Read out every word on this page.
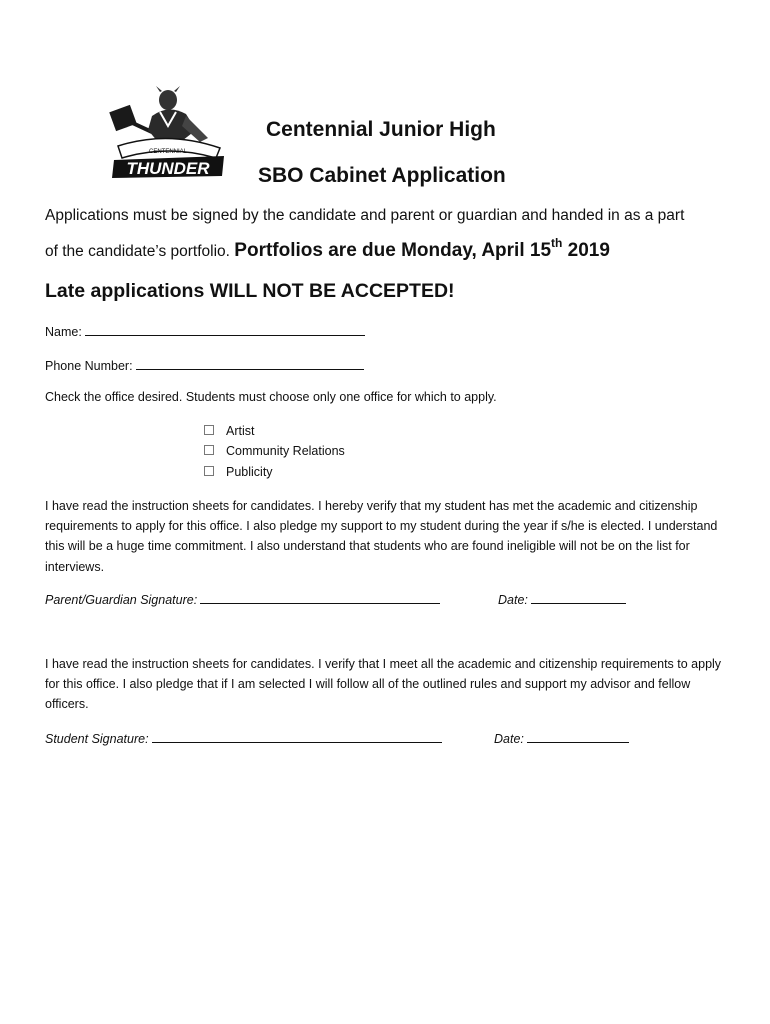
CENTENNIAL
THUNDER
Centennial Junior High
SBO Cabinet Application
Applications must be signed by the candidate and parent or guardian and handed in as a part
of the candidate’s portfolio. Portfolios are due Monday, April 15th 2019
Late applications WILL NOT BE ACCEPTED!
Name:
Phone Number:
Check the office desired. Students must choose only one office for which to apply.
Artist
Community Relations
Publicity
I have read the instruction sheets for candidates. I hereby verify that my student has met the academic and citizenship requirements to apply for this office. I also pledge my support to my student during the year if s/he is elected. I understand this will be a huge time commitment. I also understand that students who are found ineligible will not be on the list for interviews.
Parent/Guardian Signature:	Date:
I have read the instruction sheets for candidates. I verify that I meet all the academic and citizenship requirements to apply for this office. I also pledge that if I am selected I will follow all of the outlined rules and support my advisor and fellow officers.
Student Signature:	Date:
